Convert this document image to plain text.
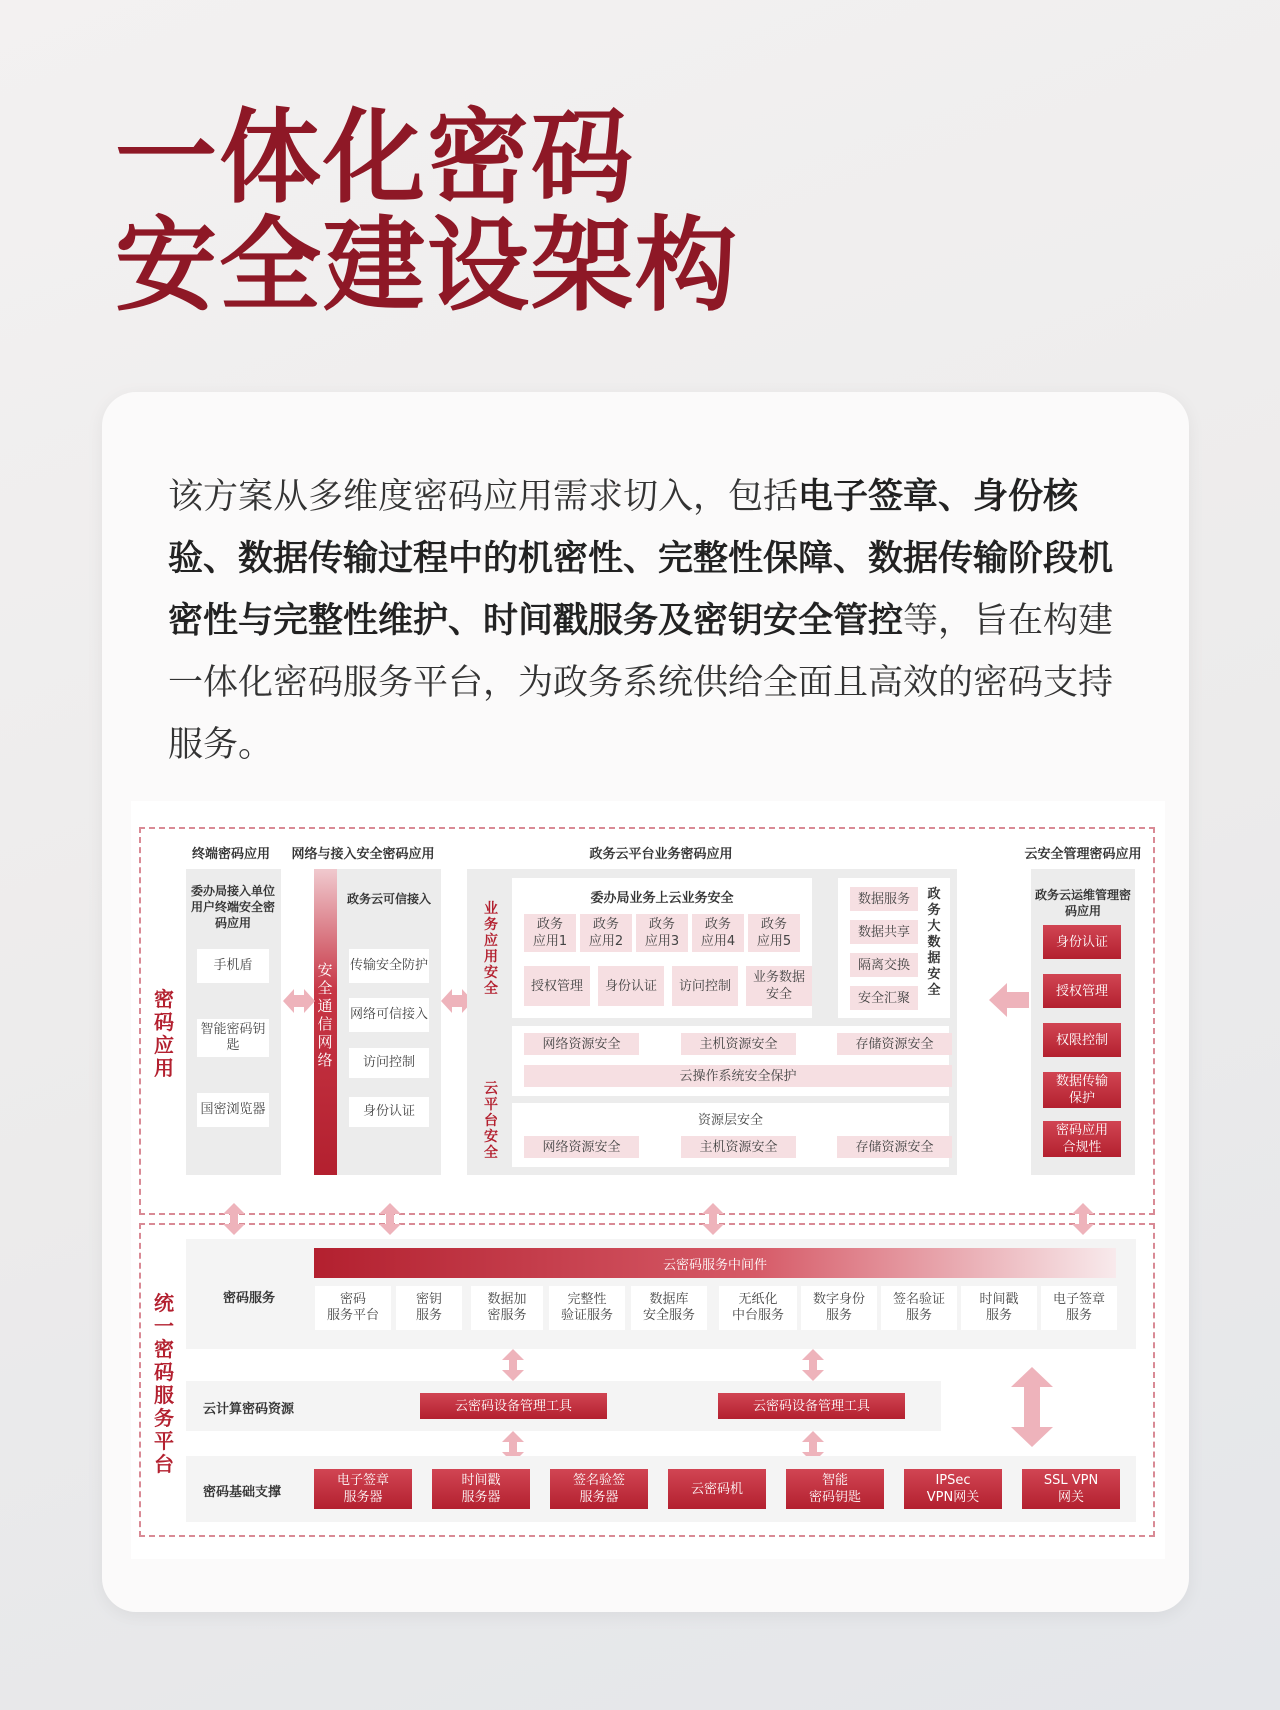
一体化密码
安全建设架构
该方案从多维度密码应用需求切入，包括电子签章、身份核验、数据传输过程中的机密性、完整性保障、数据传输阶段机密性与完整性维护、时间戳服务及密钥安全管控等，旨在构建一体化密码服务平台，为政务系统供给全面且高效的密码支持服务。
密码应用
统一密码服务平台
终端密码应用	网络与接入安全密码应用	政务云平台业务密码应用	云安全管理密码应用
委办局接入单位用户终端安全密码应用
手机盾
智能密码钥匙
国密浏览器
安全通信网络
政务云可信接入
传输安全防护
网络可信接入
访问控制
身份认证
业务应用安全
委办局业务上云业务安全
政务
应用1
政务
应用2
政务
应用3
政务
应用4
政务
应用5
授权管理	身份认证	访问控制
业务数据
安全
数据服务
数据共享
隔离交换
安全汇聚
政务大数据安全
云平台安全
网络资源安全	主机资源安全	存储资源安全
云操作系统安全保护
资源层安全
网络资源安全	主机资源安全	存储资源安全
政务云运维管理密码应用
身份认证
授权管理
权限控制
数据传输
保护
密码应用
合规性
密码服务
云密码服务中间件
密码
服务平台
密钥
服务
数据加
密服务
完整性
验证服务
数据库
安全服务
无纸化
中台服务
数字身份
服务
签名验证
服务
时间戳
服务
电子签章
服务
云计算密码资源	云密码设备管理工具	云密码设备管理工具
密码基础支撑
电子签章
服务器
时间戳
服务器
签名验签
服务器
云密码机
智能
密码钥匙
IPSec
VPN网关
SSL VPN
网关
